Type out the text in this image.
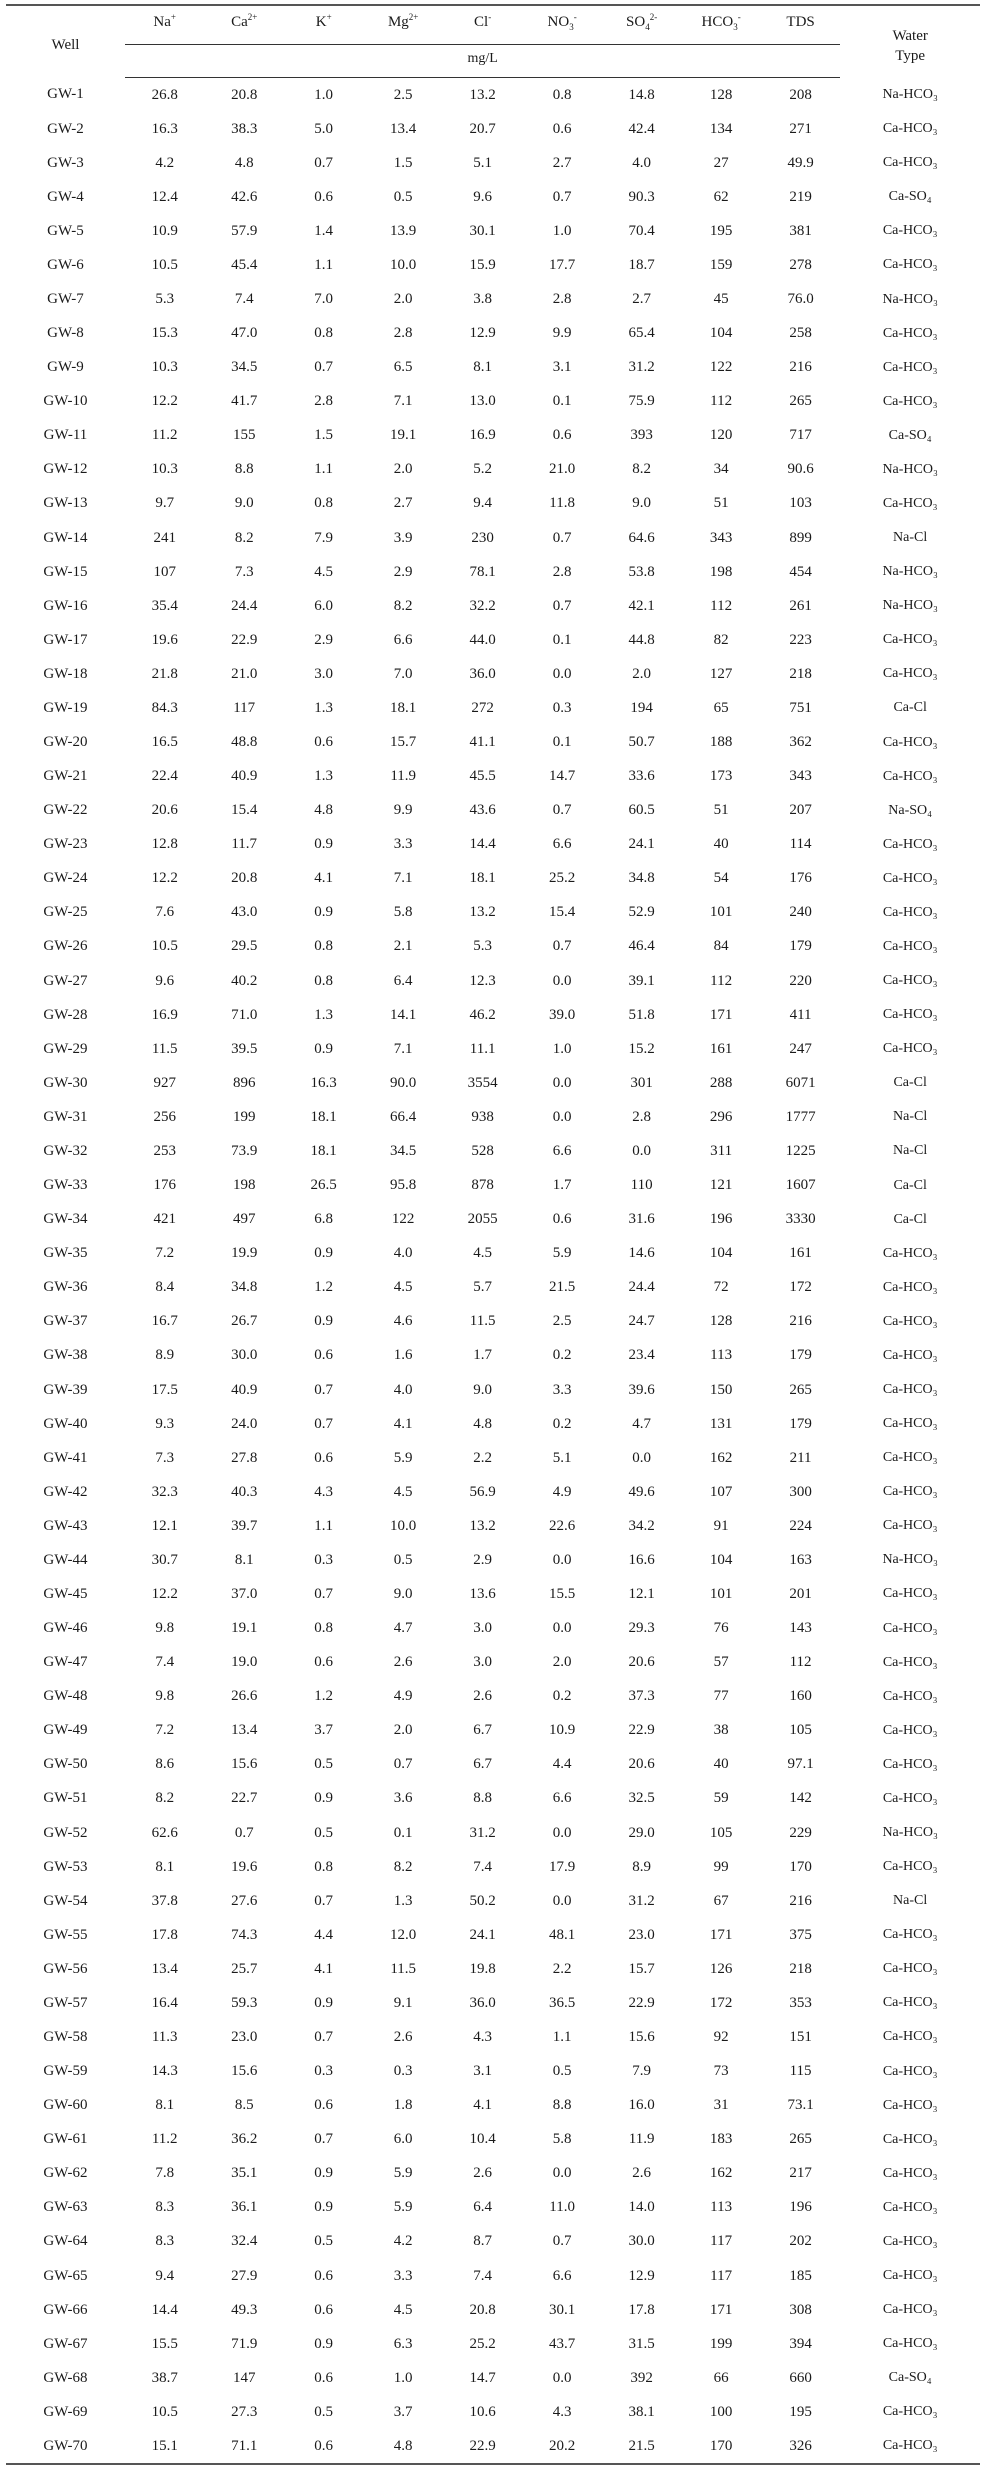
Well	Na+	$Ca^{2+}$	K+	$Mg^{2+}$	Cl-	$NO_3^-$	$SO_4^{2-}$	$HCO_3^-$	TDS	Water
Type
	mg/L									
GW-1	26.8	20.8	1.0	2.5	13.2	0.8	14.8	128	208	Na-HCO₃
GW-2	16.3	38.3	5.0	13.4	20.7	0.6	42.4	134	271	Ca-HCO₃
GW-3	4.2	4.8	0.7	1.5	5.1	2.7	4.0	27	49.9	Ca-HCO₃
GW-4	12.4	42.6	0.6	0.5	9.6	0.7	90.3	62	219	Ca-SO₄
GW-5	10.9	57.9	1.4	13.9	30.1	1.0	70.4	195	381	Ca-HCO₃
GW-6	10.5	45.4	1.1	10.0	15.9	17.7	18.7	159	278	Ca-HCO₃
GW-7	5.3	7.4	7.0	2.0	3.8	2.8	2.7	45	76.0	Na-HCO₃
GW-8	15.3	47.0	0.8	2.8	12.9	9.9	65.4	104	258	Ca-HCO₃
GW-9	10.3	34.5	0.7	6.5	8.1	3.1	31.2	122	216	Ca-HCO₃
GW-10	12.2	41.7	2.8	7.1	13.0	0.1	75.9	112	265	Ca-HCO₃
GW-11	11.2	155	1.5	19.1	16.9	0.6	393	120	717	Ca-SO₄
GW-12	10.3	8.8	1.1	2.0	5.2	21.0	8.2	34	90.6	Na-HCO₃
GW-13	9.7	9.0	0.8	2.7	9.4	11.8	9.0	51	103	Ca-HCO₃
GW-14	241	8.2	7.9	3.9	230	0.7	64.6	343	899	Na-Cl
GW-15	107	7.3	4.5	2.9	78.1	2.8	53.8	198	454	Na-HCO₃
GW-16	35.4	24.4	6.0	8.2	32.2	0.7	42.1	112	261	Na-HCO₃
GW-17	19.6	22.9	2.9	6.6	44.0	0.1	44.8	82	223	Ca-HCO₃
GW-18	21.8	21.0	3.0	7.0	36.0	0.0	2.0	127	218	Ca-HCO₃
GW-19	84.3	117	1.3	18.1	272	0.3	194	65	751	Ca-Cl
GW-20	16.5	48.8	0.6	15.7	41.1	0.1	50.7	188	362	Ca-HCO₃
GW-21	22.4	40.9	1.3	11.9	45.5	14.7	33.6	173	343	Ca-HCO₃
GW-22	20.6	15.4	4.8	9.9	43.6	0.7	60.5	51	207	Na-SO₄
GW-23	12.8	11.7	0.9	3.3	14.4	6.6	24.1	40	114	Ca-HCO₃
GW-24	12.2	20.8	4.1	7.1	18.1	25.2	34.8	54	176	Ca-HCO₃
GW-25	7.6	43.0	0.9	5.8	13.2	15.4	52.9	101	240	Ca-HCO₃
GW-26	10.5	29.5	0.8	2.1	5.3	0.7	46.4	84	179	Ca-HCO₃
GW-27	9.6	40.2	0.8	6.4	12.3	0.0	39.1	112	220	Ca-HCO₃
GW-28	16.9	71.0	1.3	14.1	46.2	39.0	51.8	171	411	Ca-HCO₃
GW-29	11.5	39.5	0.9	7.1	11.1	1.0	15.2	161	247	Ca-HCO₃
GW-30	927	896	16.3	90.0	3554	0.0	301	288	6071	Ca-Cl
GW-31	256	199	18.1	66.4	938	0.0	2.8	296	1777	Na-Cl
GW-32	253	73.9	18.1	34.5	528	6.6	0.0	311	1225	Na-Cl
GW-33	176	198	26.5	95.8	878	1.7	110	121	1607	Ca-Cl
GW-34	421	497	6.8	122	2055	0.6	31.6	196	3330	Ca-Cl
GW-35	7.2	19.9	0.9	4.0	4.5	5.9	14.6	104	161	Ca-HCO₃
GW-36	8.4	34.8	1.2	4.5	5.7	21.5	24.4	72	172	Ca-HCO₃
GW-37	16.7	26.7	0.9	4.6	11.5	2.5	24.7	128	216	Ca-HCO₃
GW-38	8.9	30.0	0.6	1.6	1.7	0.2	23.4	113	179	Ca-HCO₃
GW-39	17.5	40.9	0.7	4.0	9.0	3.3	39.6	150	265	Ca-HCO₃
GW-40	9.3	24.0	0.7	4.1	4.8	0.2	4.7	131	179	Ca-HCO₃
GW-41	7.3	27.8	0.6	5.9	2.2	5.1	0.0	162	211	Ca-HCO₃
GW-42	32.3	40.3	4.3	4.5	56.9	4.9	49.6	107	300	Ca-HCO₃
GW-43	12.1	39.7	1.1	10.0	13.2	22.6	34.2	91	224	Ca-HCO₃
GW-44	30.7	8.1	0.3	0.5	2.9	0.0	16.6	104	163	Na-HCO₃
GW-45	12.2	37.0	0.7	9.0	13.6	15.5	12.1	101	201	Ca-HCO₃
GW-46	9.8	19.1	0.8	4.7	3.0	0.0	29.3	76	143	Ca-HCO₃
GW-47	7.4	19.0	0.6	2.6	3.0	2.0	20.6	57	112	Ca-HCO₃
GW-48	9.8	26.6	1.2	4.9	2.6	0.2	37.3	77	160	Ca-HCO₃
GW-49	7.2	13.4	3.7	2.0	6.7	10.9	22.9	38	105	Ca-HCO₃
GW-50	8.6	15.6	0.5	0.7	6.7	4.4	20.6	40	97.1	Ca-HCO₃
GW-51	8.2	22.7	0.9	3.6	8.8	6.6	32.5	59	142	Ca-HCO₃
GW-52	62.6	0.7	0.5	0.1	31.2	0.0	29.0	105	229	Na-HCO₃
GW-53	8.1	19.6	0.8	8.2	7.4	17.9	8.9	99	170	Ca-HCO₃
GW-54	37.8	27.6	0.7	1.3	50.2	0.0	31.2	67	216	Na-Cl
GW-55	17.8	74.3	4.4	12.0	24.1	48.1	23.0	171	375	Ca-HCO₃
GW-56	13.4	25.7	4.1	11.5	19.8	2.2	15.7	126	218	Ca-HCO₃
GW-57	16.4	59.3	0.9	9.1	36.0	36.5	22.9	172	353	Ca-HCO₃
GW-58	11.3	23.0	0.7	2.6	4.3	1.1	15.6	92	151	Ca-HCO₃
GW-59	14.3	15.6	0.3	0.3	3.1	0.5	7.9	73	115	Ca-HCO₃
GW-60	8.1	8.5	0.6	1.8	4.1	8.8	16.0	31	73.1	Ca-HCO₃
GW-61	11.2	36.2	0.7	6.0	10.4	5.8	11.9	183	265	Ca-HCO₃
GW-62	7.8	35.1	0.9	5.9	2.6	0.0	2.6	162	217	Ca-HCO₃
GW-63	8.3	36.1	0.9	5.9	6.4	11.0	14.0	113	196	Ca-HCO₃
GW-64	8.3	32.4	0.5	4.2	8.7	0.7	30.0	117	202	Ca-HCO₃
GW-65	9.4	27.9	0.6	3.3	7.4	6.6	12.9	117	185	Ca-HCO₃
GW-66	14.4	49.3	0.6	4.5	20.8	30.1	17.8	171	308	Ca-HCO₃
GW-67	15.5	71.9	0.9	6.3	25.2	43.7	31.5	199	394	Ca-HCO₃
GW-68	38.7	147	0.6	1.0	14.7	0.0	392	66	660	Ca-SO₄
GW-69	10.5	27.3	0.5	3.7	10.6	4.3	38.1	100	195	Ca-HCO₃
GW-70	15.1	71.1	0.6	4.8	22.9	20.2	21.5	170	326	Ca-HCO₃
